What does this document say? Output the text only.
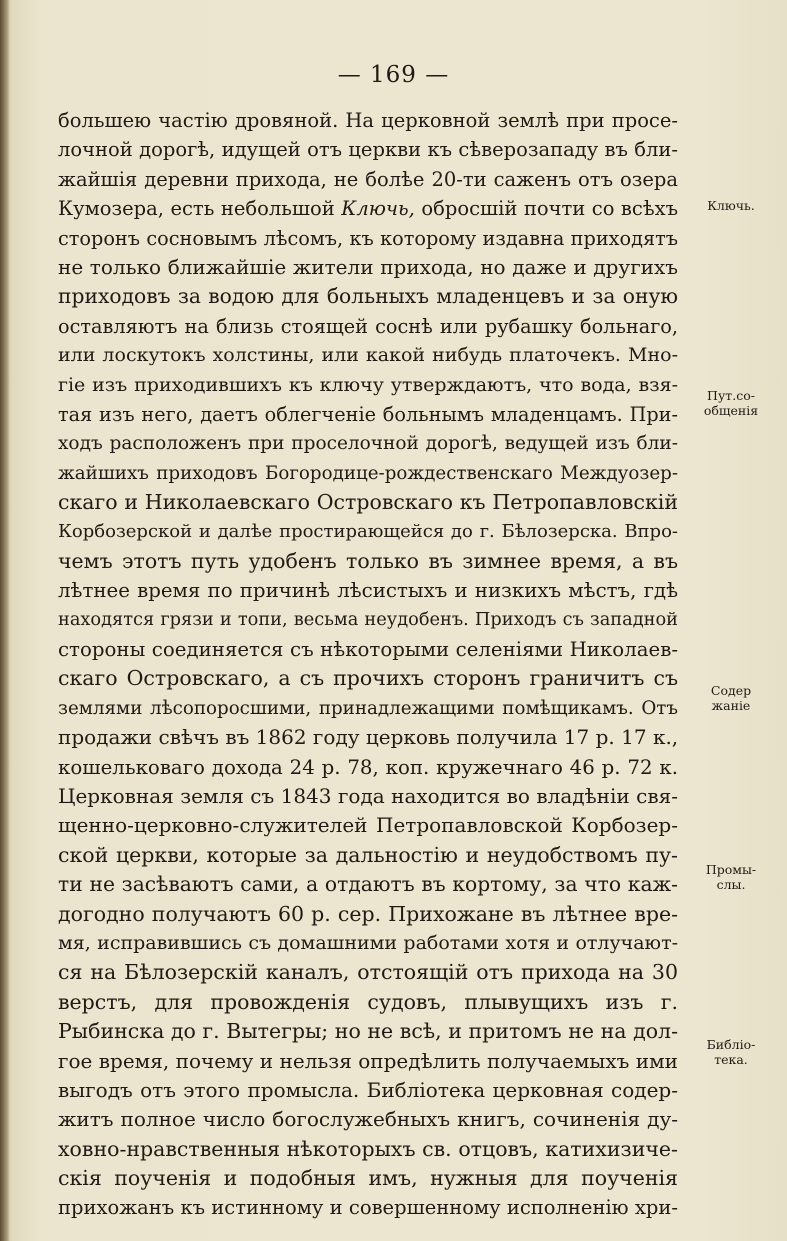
— 169 —
большею частiю дровяной. На церковной землѣ при просе-
лочной дорогѣ, идущей отъ церкви къ сѣверозападу въ бли-
жайшiя деревни прихода, не болѣе 20-ти саженъ отъ озера
Кумозера, есть небольшой Ключь, обросшiй почти со всѣхъ
сторонъ сосновымъ лѣсомъ, къ которому издавна приходятъ
не только ближайшiе жители прихода, но даже и другихъ
приходовъ за водою для больныхъ младенцевъ и за оную
оставляютъ на близь стоящей соснѣ или рубашку больнаго,
или лоскутокъ холстины, или какой нибудь платочекъ. Мно-
гiе изъ приходившихъ къ ключу утверждаютъ, что вода, взя-
тая изъ него, даетъ облегченiе больнымъ младенцамъ. При-
ходъ расположенъ при проселочной дорогѣ, ведущей изъ бли-
жайшихъ приходовъ Богородице-рождественскаго Междуозер-
скаго и Николаевскаго Островскаго къ Петропавловскiй
Корбозерской и далѣе простирающейся до г. Бѣлозерска. Впро-
чемъ этотъ путь удобенъ только въ зимнее время, а въ
лѣтнее время по причинѣ лѣсистыхъ и низкихъ мѣстъ, гдѣ
находятся грязи и топи, весьма неудобенъ. Приходъ съ западной
стороны соединяется съ нѣкоторыми селенiями Николаев-
скаго Островскаго, а съ прочихъ сторонъ граничитъ съ
землями лѣсопоросшими, принадлежащими помѣщикамъ. Отъ
продажи свѣчъ въ 1862 году церковь получила 17 р. 17 к.,
кошельковаго дохода 24 р. 78, коп. кружечнаго 46 р. 72 к.
Церковная земля съ 1843 года находится во владѣнiи свя-
щенно-церковно-служителей Петропавловской Корбозер-
ской церкви, которые за дальностiю и неудобствомъ пу-
ти не засѣваютъ сами, а отдаютъ въ кортому, за что каж-
догодно получаютъ 60 р. сер. Прихожане въ лѣтнее вре-
мя, исправившись съ домашними работами хотя и отлучают-
ся на Бѣлозерскiй каналъ, отстоящiй отъ прихода на 30
верстъ, для провожденiя судовъ, плывущихъ изъ г.
Рыбинска до г. Вытегры; но не всѣ, и притомъ не на дол-
гое время, почему и нельзя опредѣлить получаемыхъ ими
выгодъ отъ этого промысла. Библiотека церковная содер-
житъ полное число богослужебныхъ книгъ, сочиненiя ду-
ховно-нравственныя нѣкоторыхъ св. отцовъ, катихизиче-
скiя поученiя и подобныя имъ, нужныя для поученiя
прихожанъ къ истинному и совершенному исполненiю хри-
Ключь.
Пут.со-
общенiя
Содер
жанiе
Промы-
слы.
Библiо-
тека.
